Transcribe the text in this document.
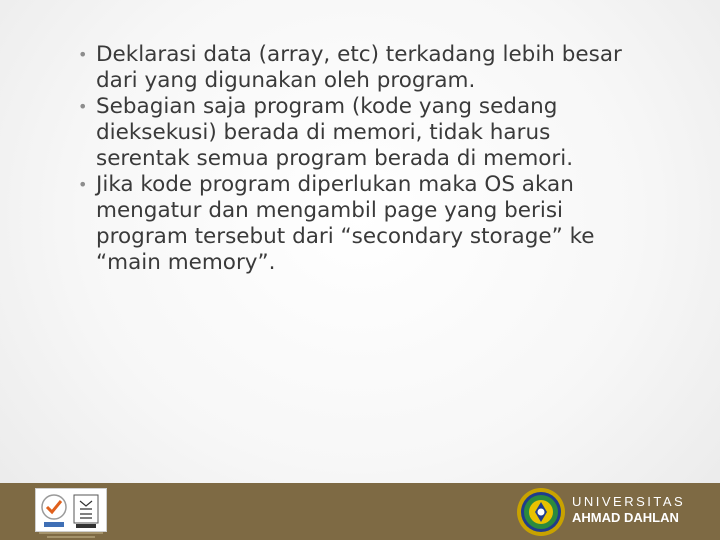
• Deklarasi data (array, etc) terkadang lebih besar
dari yang digunakan oleh program.
• Sebagian saja program (kode yang sedang
dieksekusi) berada di memori, tidak harus
serentak semua program berada di memori.
• Jika kode program diperlukan maka OS akan
mengatur dan mengambil page yang berisi
program tersebut dari “secondary storage” ke
“main memory”.
UNIVERSITAS
AHMAD DAHLAN
